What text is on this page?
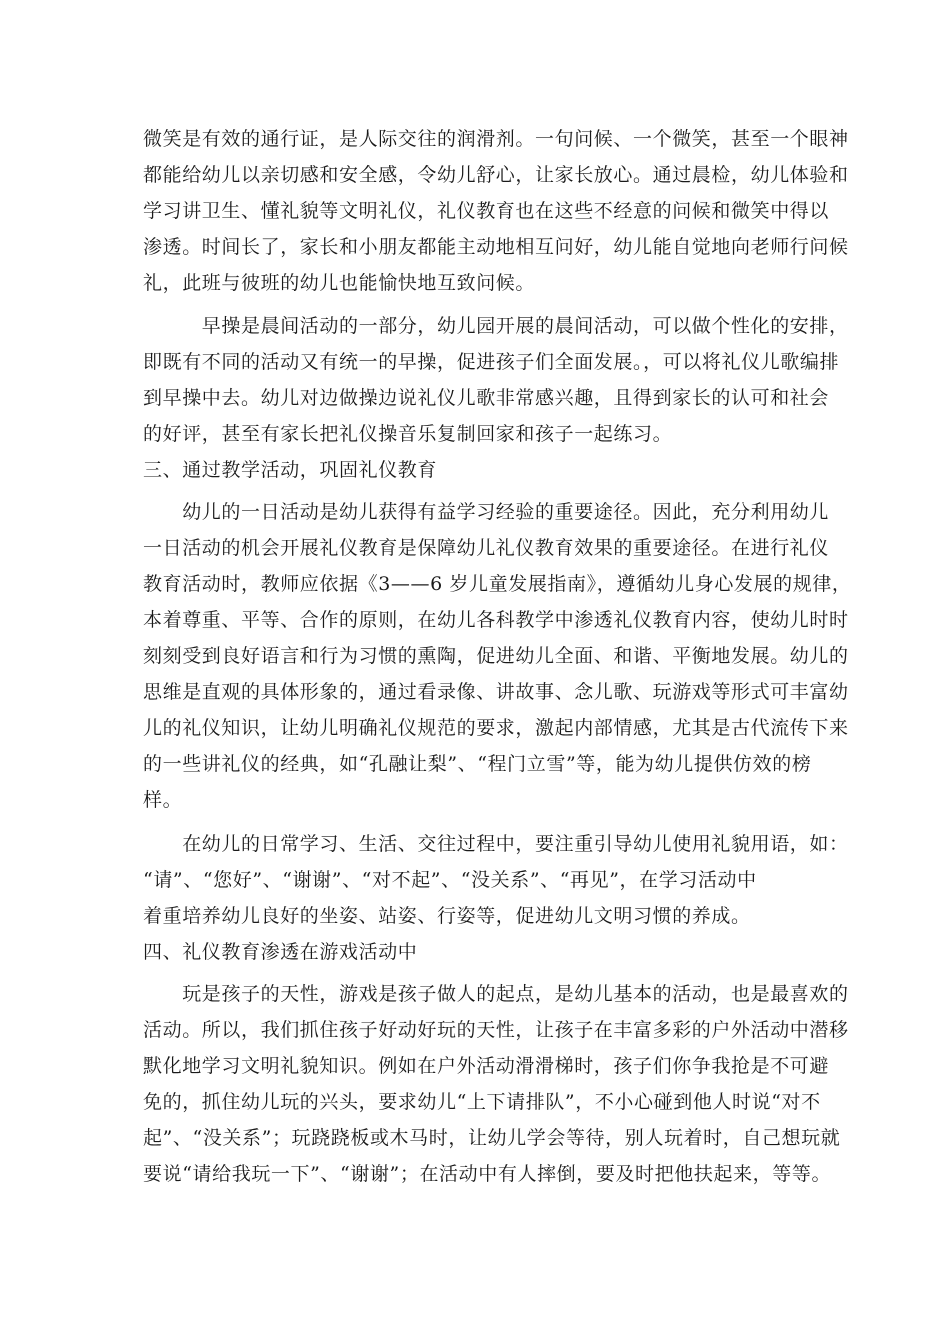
微笑是有效的通行证，是人际交往的润滑剂。一句问候、一个微笑，甚至一个眼神
都能给幼儿以亲切感和安全感，令幼儿舒心，让家长放心。通过晨检，幼儿体验和
学习讲卫生、懂礼貌等文明礼仪，礼仪教育也在这些不经意的问候和微笑中得以
渗透。时间长了，家长和小朋友都能主动地相互问好，幼儿能自觉地向老师行问候
礼，此班与彼班的幼儿也能愉快地互致问候。
　　　早操是晨间活动的一部分，幼儿园开展的晨间活动，可以做个性化的安排，
即既有不同的活动又有统一的早操，促进孩子们全面发展。，可以将礼仪儿歌编排
到早操中去。幼儿对边做操边说礼仪儿歌非常感兴趣，且得到家长的认可和社会
的好评，甚至有家长把礼仪操音乐复制回家和孩子一起练习。
三、通过教学活动，巩固礼仪教育
　　幼儿的一日活动是幼儿获得有益学习经验的重要途径。因此，充分利用幼儿
一日活动的机会开展礼仪教育是保障幼儿礼仪教育效果的重要途径。在进行礼仪
教育活动时，教师应依据《3——6 岁儿童发展指南》，遵循幼儿身心发展的规律，
本着尊重、平等、合作的原则，在幼儿各科教学中渗透礼仪教育内容，使幼儿时时
刻刻受到良好语言和行为习惯的熏陶，促进幼儿全面、和谐、平衡地发展。幼儿的
思维是直观的具体形象的，通过看录像、讲故事、念儿歌、玩游戏等形式可丰富幼
儿的礼仪知识，让幼儿明确礼仪规范的要求，激起内部情感，尤其是古代流传下来
的一些讲礼仪的经典，如“孔融让梨”、“程门立雪”等，能为幼儿提供仿效的榜
样。
　　在幼儿的日常学习、生活、交往过程中，要注重引导幼儿使用礼貌用语，如：
“请”、“您好”、“谢谢”、“对不起”、“没关系”、“再见”，在学习活动中
着重培养幼儿良好的坐姿、站姿、行姿等，促进幼儿文明习惯的养成。
四、礼仪教育渗透在游戏活动中
　　玩是孩子的天性，游戏是孩子做人的起点，是幼儿基本的活动，也是最喜欢的
活动。所以，我们抓住孩子好动好玩的天性，让孩子在丰富多彩的户外活动中潜移
默化地学习文明礼貌知识。例如在户外活动滑滑梯时，孩子们你争我抢是不可避
免的，抓住幼儿玩的兴头，要求幼儿“上下请排队”，不小心碰到他人时说“对不
起”、“没关系”；玩跷跷板或木马时，让幼儿学会等待，别人玩着时，自己想玩就
要说“请给我玩一下”、“谢谢”；在活动中有人摔倒，要及时把他扶起来，等等。
